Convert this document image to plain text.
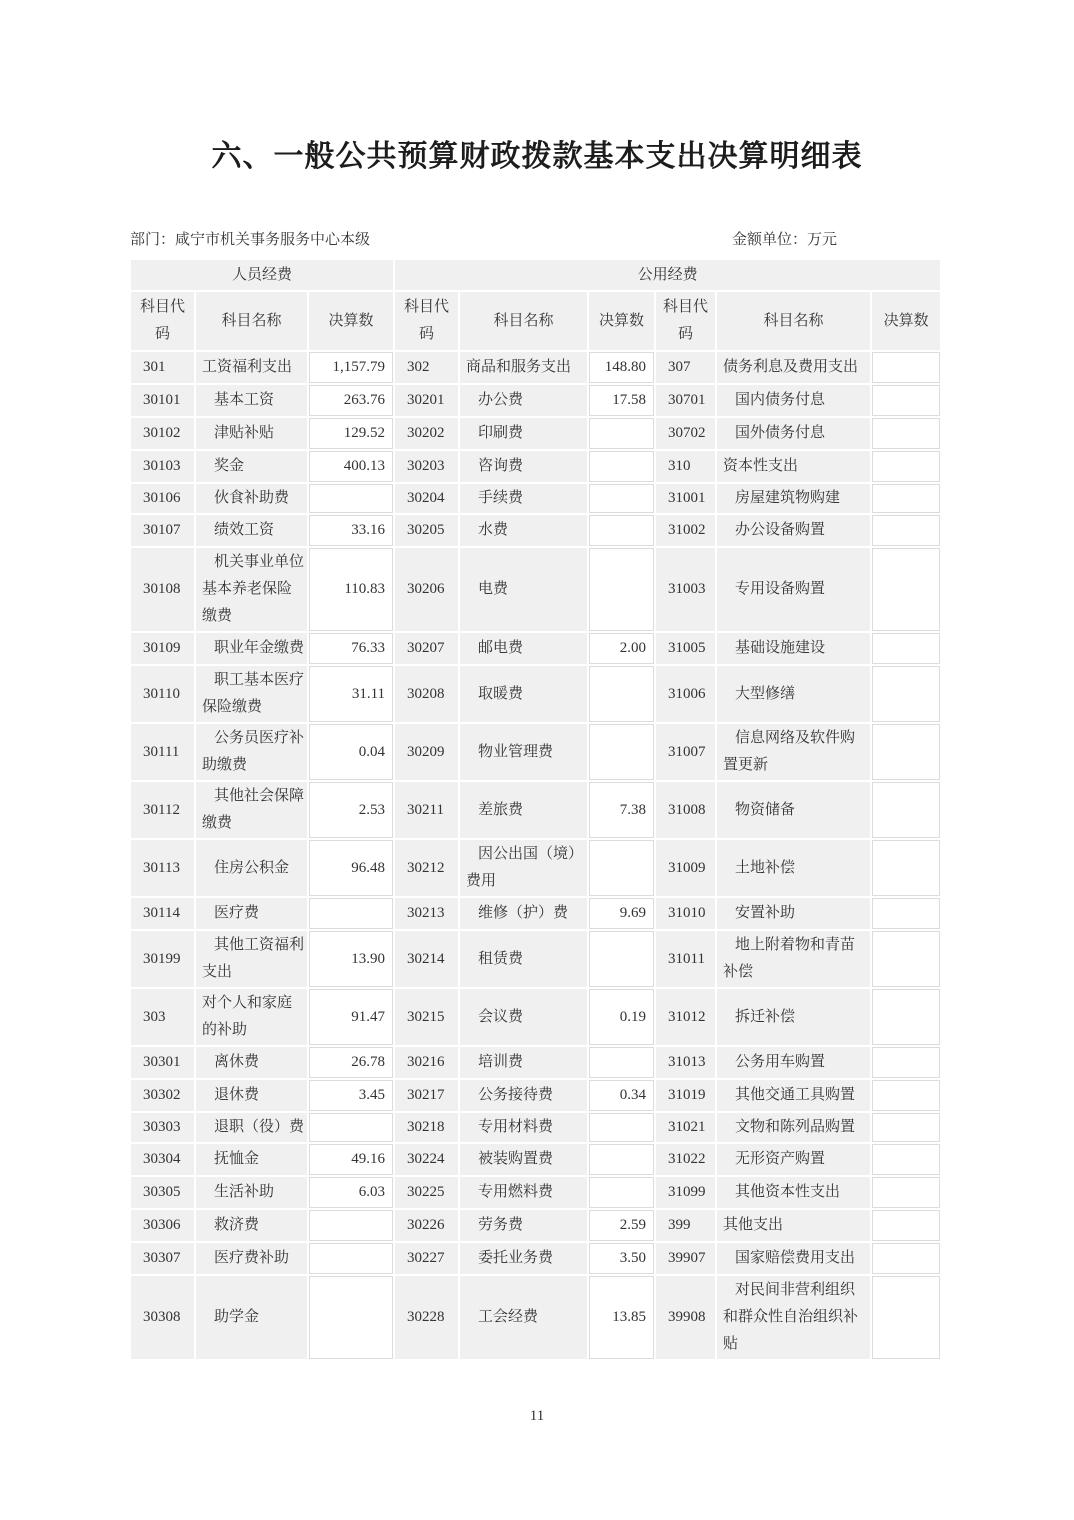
六、一般公共预算财政拨款基本支出决算明细表
部门：咸宁市机关事务服务中心本级	金额单位：万元
人员经费			公用经费					
科目代码	科目名称	决算数	科目代码	科目名称	决算数	科目代码	科目名称	决算数
301	工资福利支出	1,157.79	302	商品和服务支出	148.80	307	债务利息及费用支出	
30101	基本工资	263.76	30201	办公费	17.58	30701	国内债务付息	
30102	津贴补贴	129.52	30202	印刷费		30702	国外债务付息	
30103	奖金	400.13	30203	咨询费		310	资本性支出	
30106	伙食补助费		30204	手续费		31001	房屋建筑物购建	
30107	绩效工资	33.16	30205	水费		31002	办公设备购置	
30108	机关事业单位基本养老保险缴费	110.83	30206	电费		31003	专用设备购置	
30109	职业年金缴费	76.33	30207	邮电费	2.00	31005	基础设施建设	
30110	职工基本医疗保险缴费	31.11	30208	取暖费		31006	大型修缮	
30111	公务员医疗补助缴费	0.04	30209	物业管理费		31007	信息网络及软件购置更新	
30112	其他社会保障缴费	2.53	30211	差旅费	7.38	31008	物资储备	
30113	住房公积金	96.48	30212	因公出国（境）费用		31009	土地补偿	
30114	医疗费		30213	维修（护）费	9.69	31010	安置补助	
30199	其他工资福利支出	13.90	30214	租赁费		31011	地上附着物和青苗补偿	
303	对个人和家庭的补助	91.47	30215	会议费	0.19	31012	拆迁补偿	
30301	离休费	26.78	30216	培训费		31013	公务用车购置	
30302	退休费	3.45	30217	公务接待费	0.34	31019	其他交通工具购置	
30303	退职（役）费		30218	专用材料费		31021	文物和陈列品购置	
30304	抚恤金	49.16	30224	被装购置费		31022	无形资产购置	
30305	生活补助	6.03	30225	专用燃料费		31099	其他资本性支出	
30306	救济费		30226	劳务费	2.59	399	其他支出	
30307	医疗费补助		30227	委托业务费	3.50	39907	国家赔偿费用支出	
30308	助学金		30228	工会经费	13.85	39908	对民间非营利组织和群众性自治组织补贴	
11
